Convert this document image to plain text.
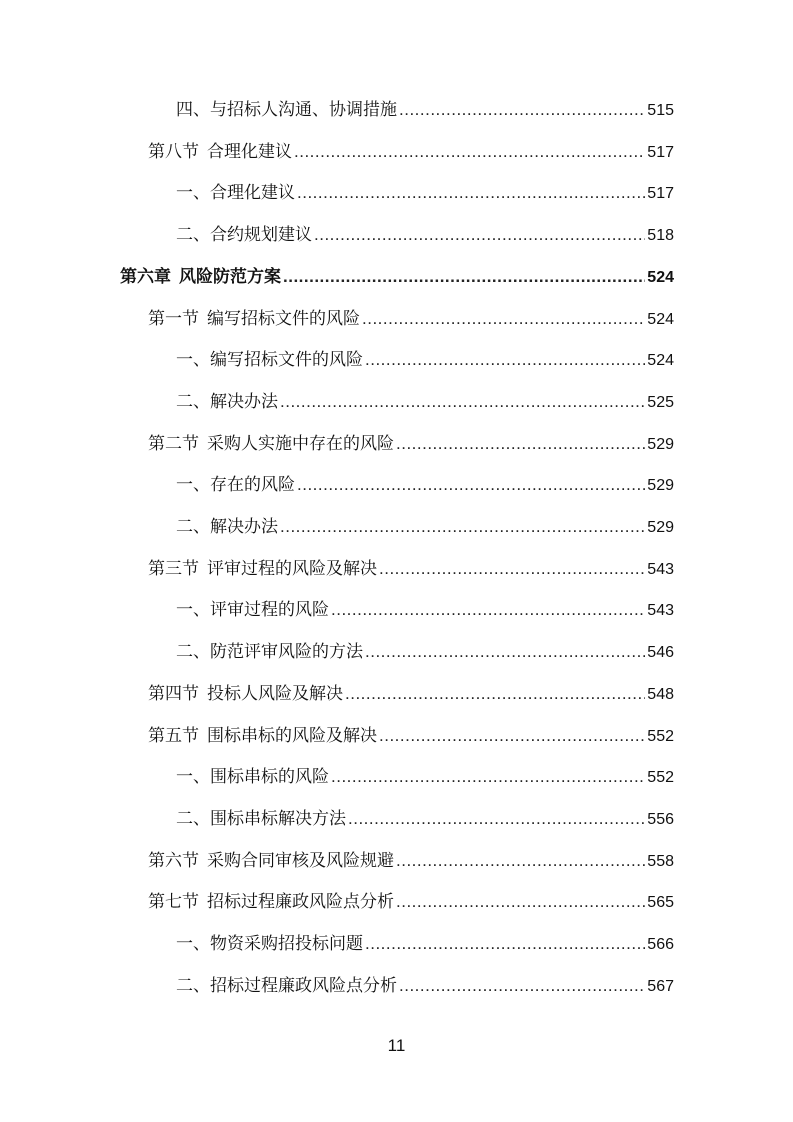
四、与招标人沟通、协调措施 .....	515
第八节 合理化建议 .....	517
一、合理化建议 .....	517
二、合约规划建议 .....	518
第六章 风险防范方案 .....	524
第一节 编写招标文件的风险 .....	524
一、编写招标文件的风险 .....	524
二、解决办法 .....	525
第二节 采购人实施中存在的风险 .....	529
一、存在的风险 .....	529
二、解决办法 .....	529
第三节 评审过程的风险及解决 .....	543
一、评审过程的风险 .....	543
二、防范评审风险的方法 .....	546
第四节 投标人风险及解决 .....	548
第五节 围标串标的风险及解决 .....	552
一、围标串标的风险 .....	552
二、围标串标解决方法 .....	556
第六节 采购合同审核及风险规避 .....	558
第七节 招标过程廉政风险点分析 .....	565
一、物资采购招投标问题 .....	566
二、招标过程廉政风险点分析 .....	567
11
